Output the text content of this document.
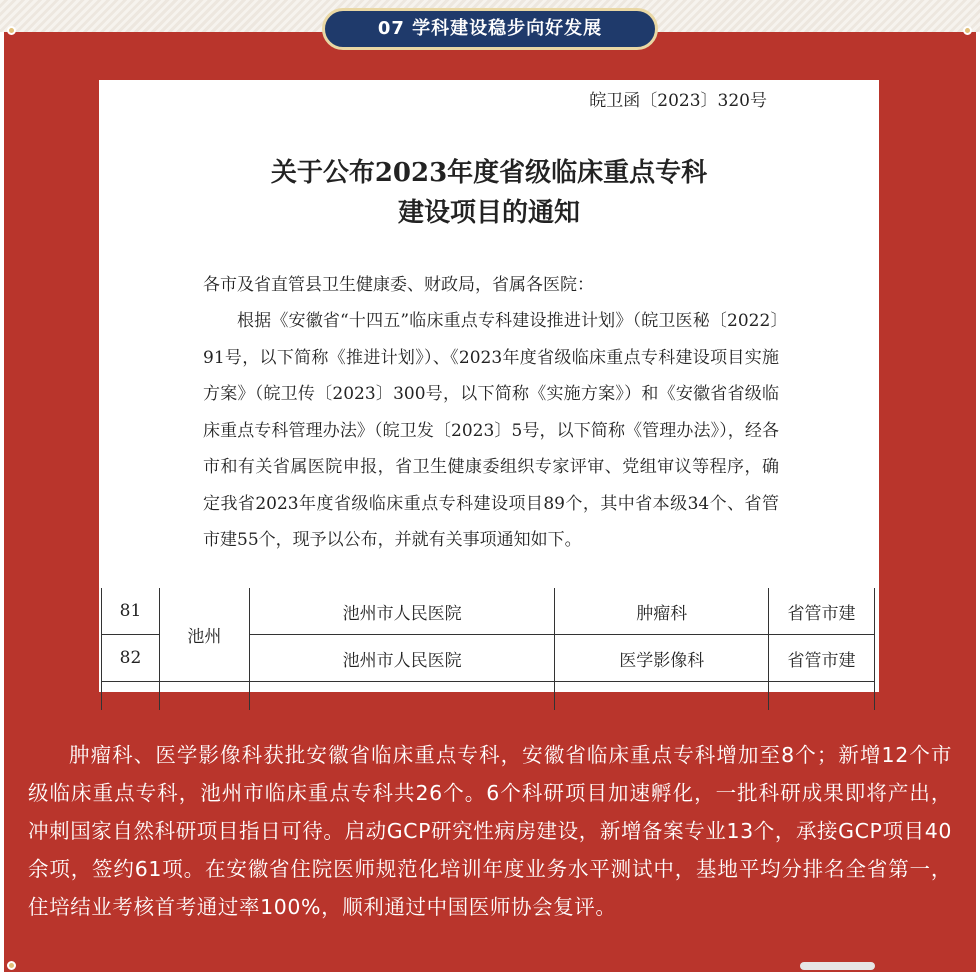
07 学科建设稳步向好发展
皖卫函〔2023〕320号
关于公布2023年度省级临床重点专科
建设项目的通知
各市及省直管县卫生健康委、财政局，省属各医院：
根据《安徽省“十四五”临床重点专科建设推进计划》（皖卫医秘〔2022〕91号，以下简称《推进计划》）、《2023年度省级临床重点专科建设项目实施方案》（皖卫传〔2023〕300号，以下简称《实施方案》）和《安徽省省级临床重点专科管理办法》（皖卫发〔2023〕5号，以下简称《管理办法》），经各市和有关省属医院申报，省卫生健康委组织专家评审、党组审议等程序，确定我省2023年度省级临床重点专科建设项目89个，其中省本级34个、省管市建55个，现予以公布，并就有关事项通知如下。
81	池州	池州市人民医院	肿瘤科	省管市建
82		池州市人民医院	医学影像科	省管市建

肿瘤科、医学影像科获批安徽省临床重点专科，安徽省临床重点专科增加至8个；新增12个市级临床重点专科，池州市临床重点专科共26个。6个科研项目加速孵化，一批科研成果即将产出，冲刺国家自然科研项目指日可待。启动GCP研究性病房建设，新增备案专业13个，承接GCP项目40余项，签约61项。在安徽省住院医师规范化培训年度业务水平测试中，基地平均分排名全省第一，住培结业考核首考通过率100%，顺利通过中国医师协会复评。
